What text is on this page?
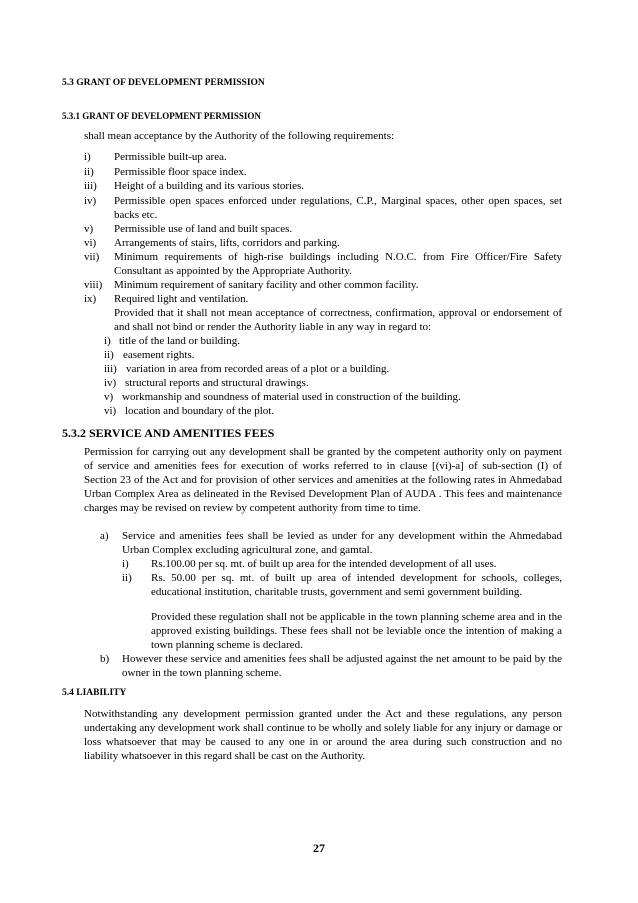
5.3 GRANT OF DEVELOPMENT PERMISSION
5.3.1 GRANT OF DEVELOPMENT PERMISSION
shall mean acceptance by the Authority of the following requirements:
i) Permissible built-up area.
ii) Permissible floor space index.
iii) Height of a building and its various stories.
iv) Permissible open spaces enforced under regulations, C.P., Marginal spaces, other open spaces, set backs etc.
v) Permissible use of land and built spaces.
vi) Arrangements of stairs, lifts, corridors and parking.
vii) Minimum requirements of high-rise buildings including N.O.C. from Fire Officer/Fire Safety Consultant as appointed by the Appropriate Authority.
viii) Minimum requirement of sanitary facility and other common facility.
ix) Required light and ventilation.
Provided that it shall not mean acceptance of correctness, confirmation, approval or endorsement of and shall not bind or render the Authority liable in any way in regard to:
i) title of the land or building.
ii) easement rights.
iii) variation in area from recorded areas of a plot or a building.
iv) structural reports and structural drawings.
v) workmanship and soundness of material used in construction of the building.
vi) location and boundary of the plot.
5.3.2 SERVICE AND AMENITIES FEES
Permission for carrying out any development shall be granted by the competent authority only on payment of service and amenities fees for execution of works referred to in clause [(vi)-a] of sub-section (I) of Section 23 of the Act and for provision of other services and amenities at the following rates in Ahmedabad Urban Complex Area as delineated in the Revised Development Plan of AUDA . This fees and maintenance charges may be revised on review by competent authority from time to time.
a) Service and amenities fees shall be levied as under for any development within the Ahmedabad Urban Complex excluding agricultural zone, and gamtal.
i) Rs.100.00 per sq. mt. of built up area for the intended development of all uses.
ii) Rs. 50.00 per sq. mt. of built up area of intended development for schools, colleges, educational institution, charitable trusts, government and semi government building.
Provided these regulation shall not be applicable in the town planning scheme area and in the approved existing buildings. These fees shall not be leviable once the intention of making a town planning scheme is declared.
b) However these service and amenities fees shall be adjusted against the net amount to be paid by the owner in the town planning scheme.
5.4 LIABILITY
Notwithstanding any development permission granted under the Act and these regulations, any person undertaking any development work shall continue to be wholly and solely liable for any injury or damage or loss whatsoever that may be caused to any one in or around the area during such construction and no liability whatsoever in this regard shall be cast on the Authority.
27
